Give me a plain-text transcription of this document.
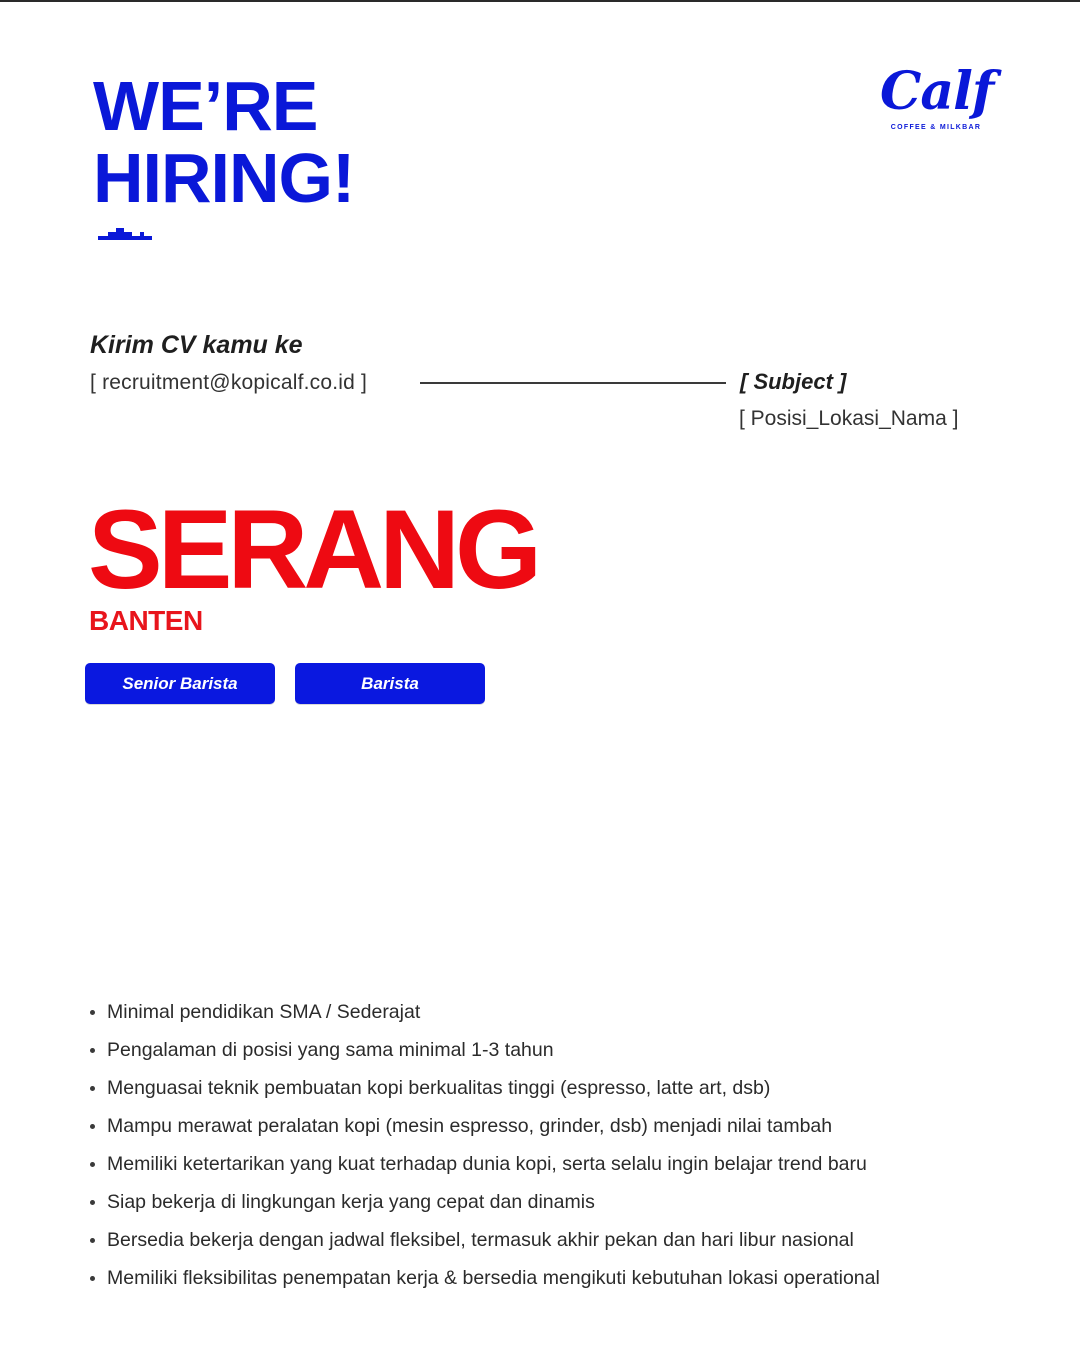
WE’RE
HIRING!
Calf
COFFEE & MILKBAR
Kirim CV kamu ke
[ recruitment@kopicalf.co.id ]	[ Subject ]
[ Posisi_Lokasi_Nama ]
SERANG
BANTEN
Senior Barista	Barista
Minimal pendidikan SMA / Sederajat
Pengalaman di posisi yang sama minimal 1-3 tahun
Menguasai teknik pembuatan kopi berkualitas tinggi (espresso, latte art, dsb)
Mampu merawat peralatan kopi (mesin espresso, grinder, dsb) menjadi nilai tambah
Memiliki ketertarikan yang kuat terhadap dunia kopi, serta selalu ingin belajar trend baru
Siap bekerja di lingkungan kerja yang cepat dan dinamis
Bersedia bekerja dengan jadwal fleksibel, termasuk akhir pekan dan hari libur nasional
Memiliki fleksibilitas penempatan kerja & bersedia mengikuti kebutuhan lokasi operational
